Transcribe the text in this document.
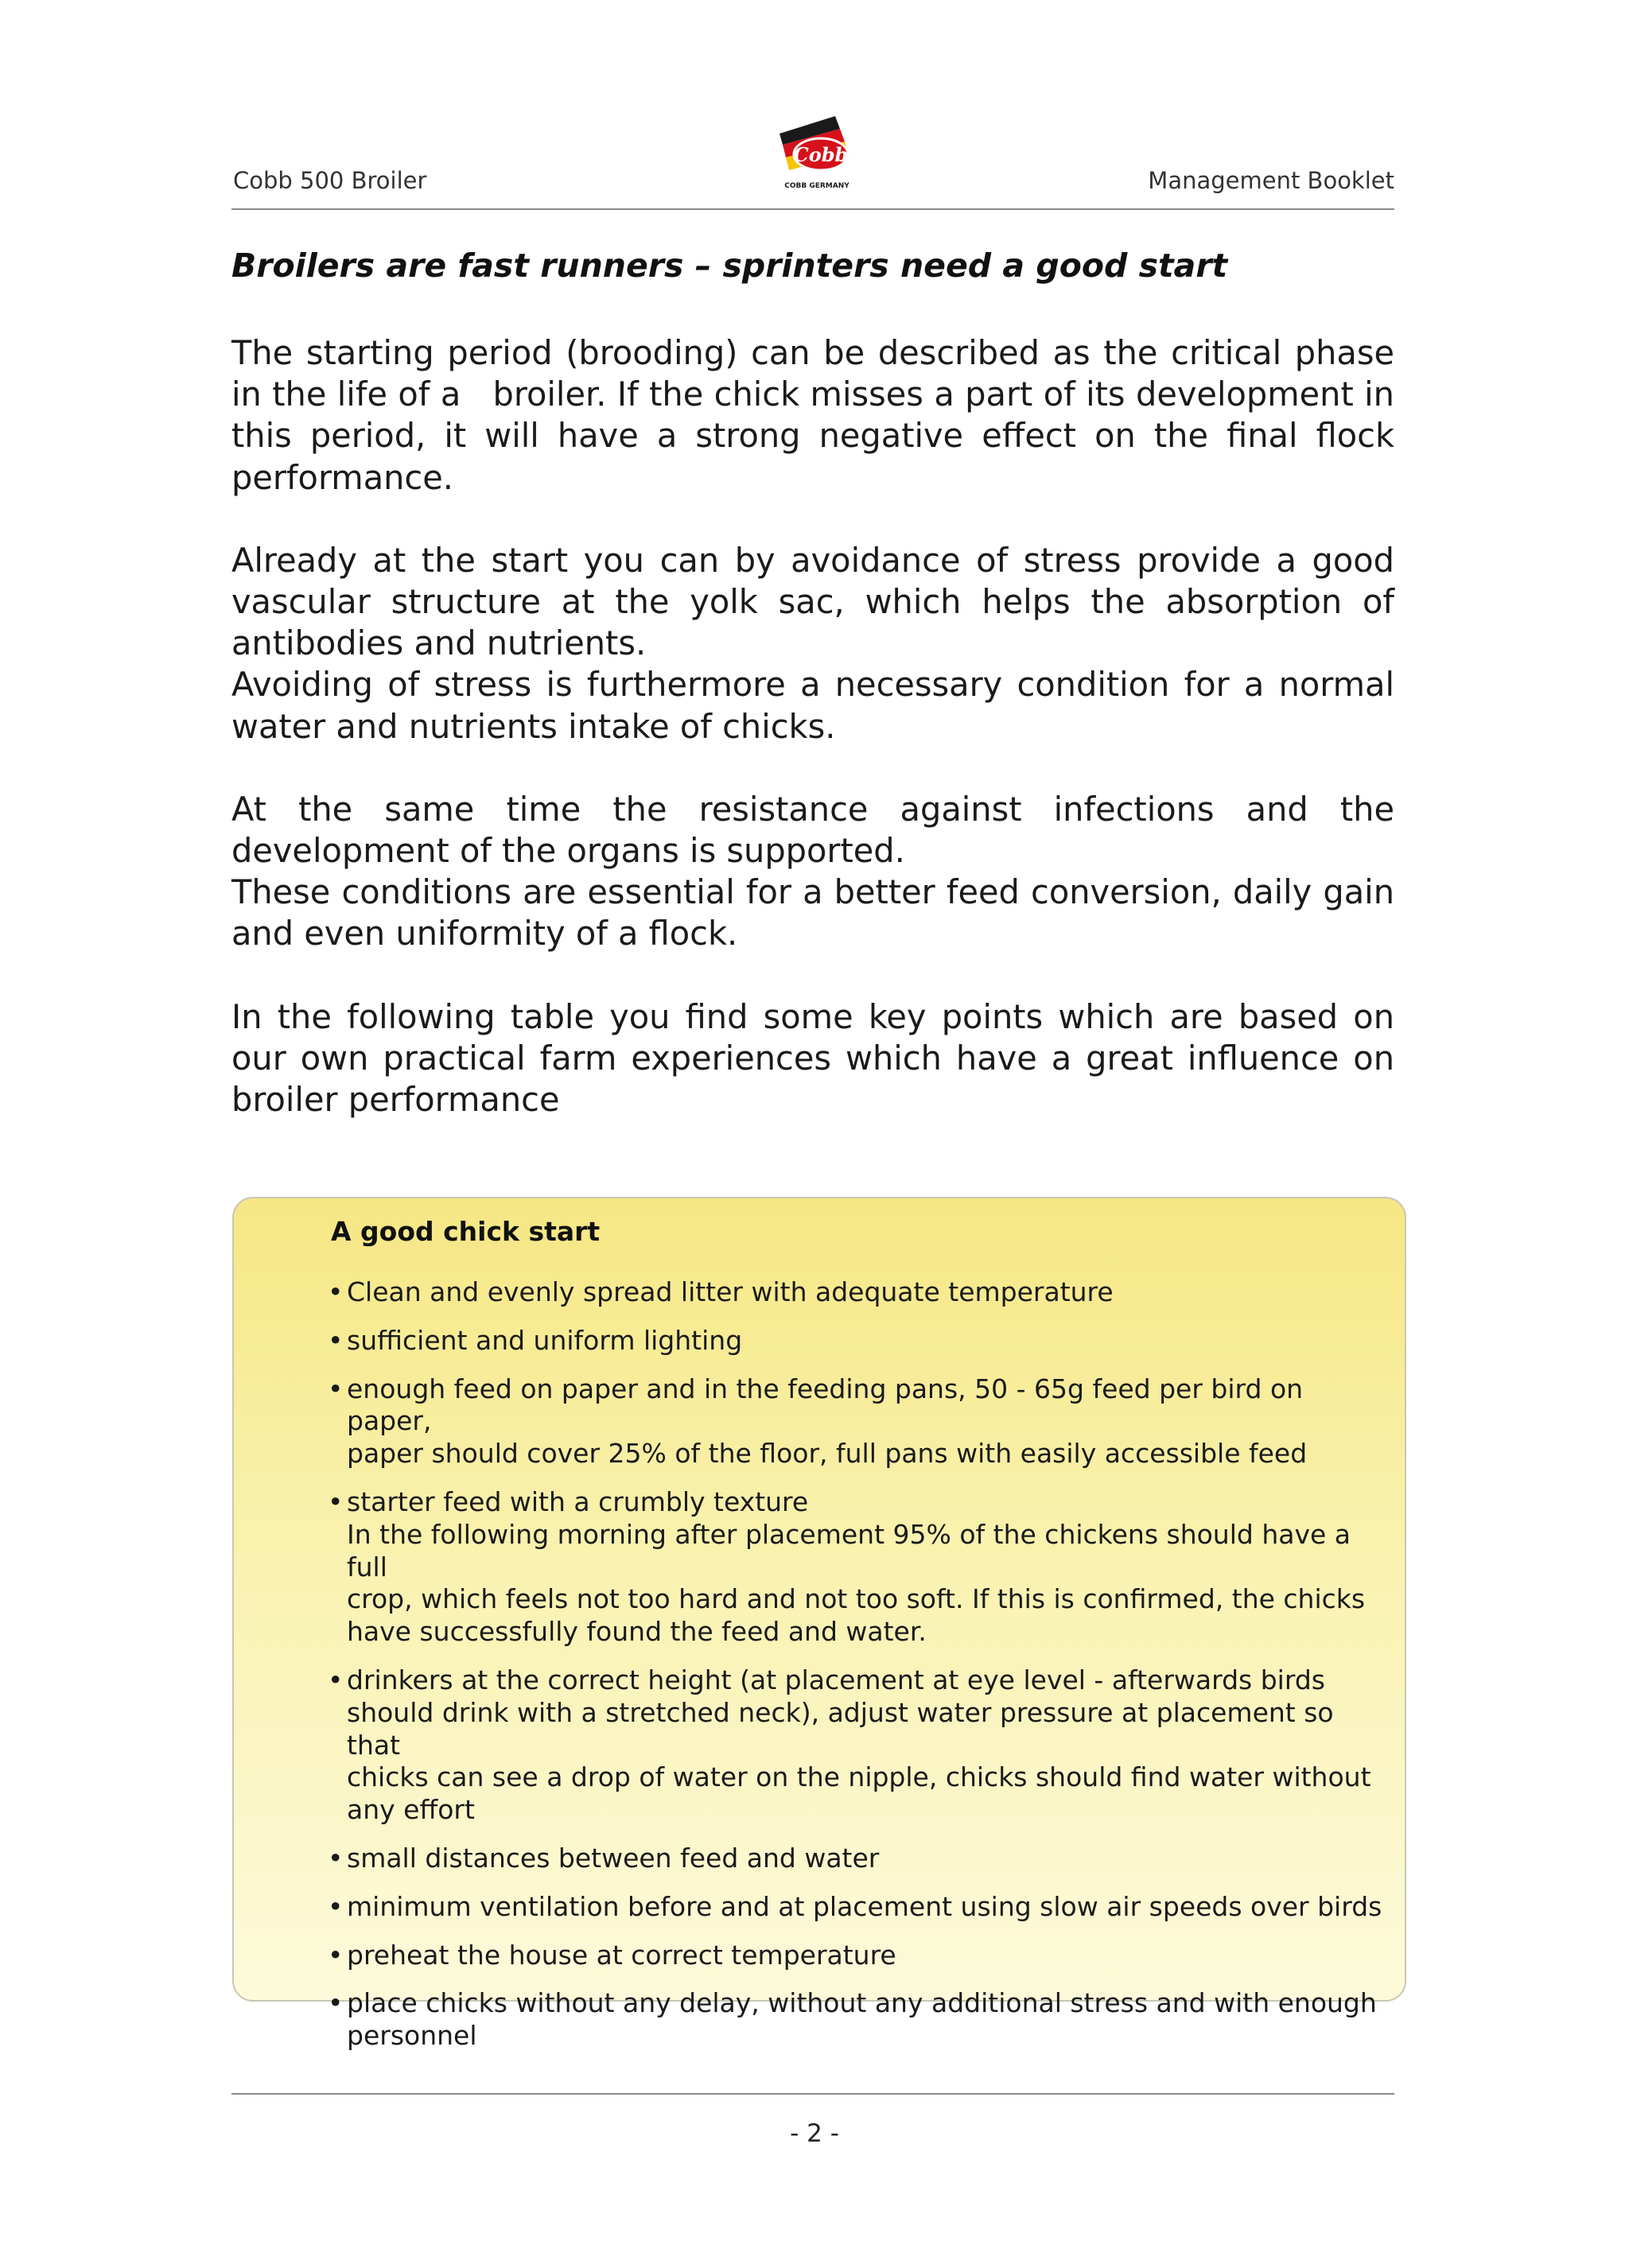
Cobb 500 Broiler
Cobb
COBB GERMANY	Management Booklet
Broilers are fast runners – sprinters need a good start

The starting period (brooding) can be described as the critical phase in the life of a   broiler. If the chick misses a part of its development in this period, it will have a strong negative effect on the final flock performance.

Already at the start you can by avoidance of stress provide a good vascular structure at the yolk sac, which helps the absorption of antibodies and nutrients.
Avoiding of stress is furthermore a necessary condition for a normal water and nutrients intake of chicks.

At the same time the resistance against infections and the development of the organs is supported.
These conditions are essential for a better feed conversion, daily gain and even uniformity of a flock.

In the following table you find some key points which are based on our own practical farm experiences which have a great influence on broiler performance

A good chick start
• Clean and evenly spread litter with adequate temperature
• sufficient and uniform lighting
• enough feed on paper and in the feeding pans, 50 - 65g feed per bird on paper,
paper should cover 25% of the floor, full pans with easily accessible feed
• starter feed with a crumbly texture
In the following morning after placement 95% of the chickens should have a full
crop, which feels not too hard and not too soft. If this is confirmed, the chicks
have successfully found the feed and water.
• drinkers at the correct height (at placement at eye level - afterwards birds
should drink with a stretched neck), adjust water pressure at placement so that
chicks can see a drop of water on the nipple, chicks should find water without
any effort
• small distances between feed and water
• minimum ventilation before and at placement using slow air speeds over birds
• preheat the house at correct temperature
• place chicks without any delay, without any additional stress and with enough
personnel
- 2 -
